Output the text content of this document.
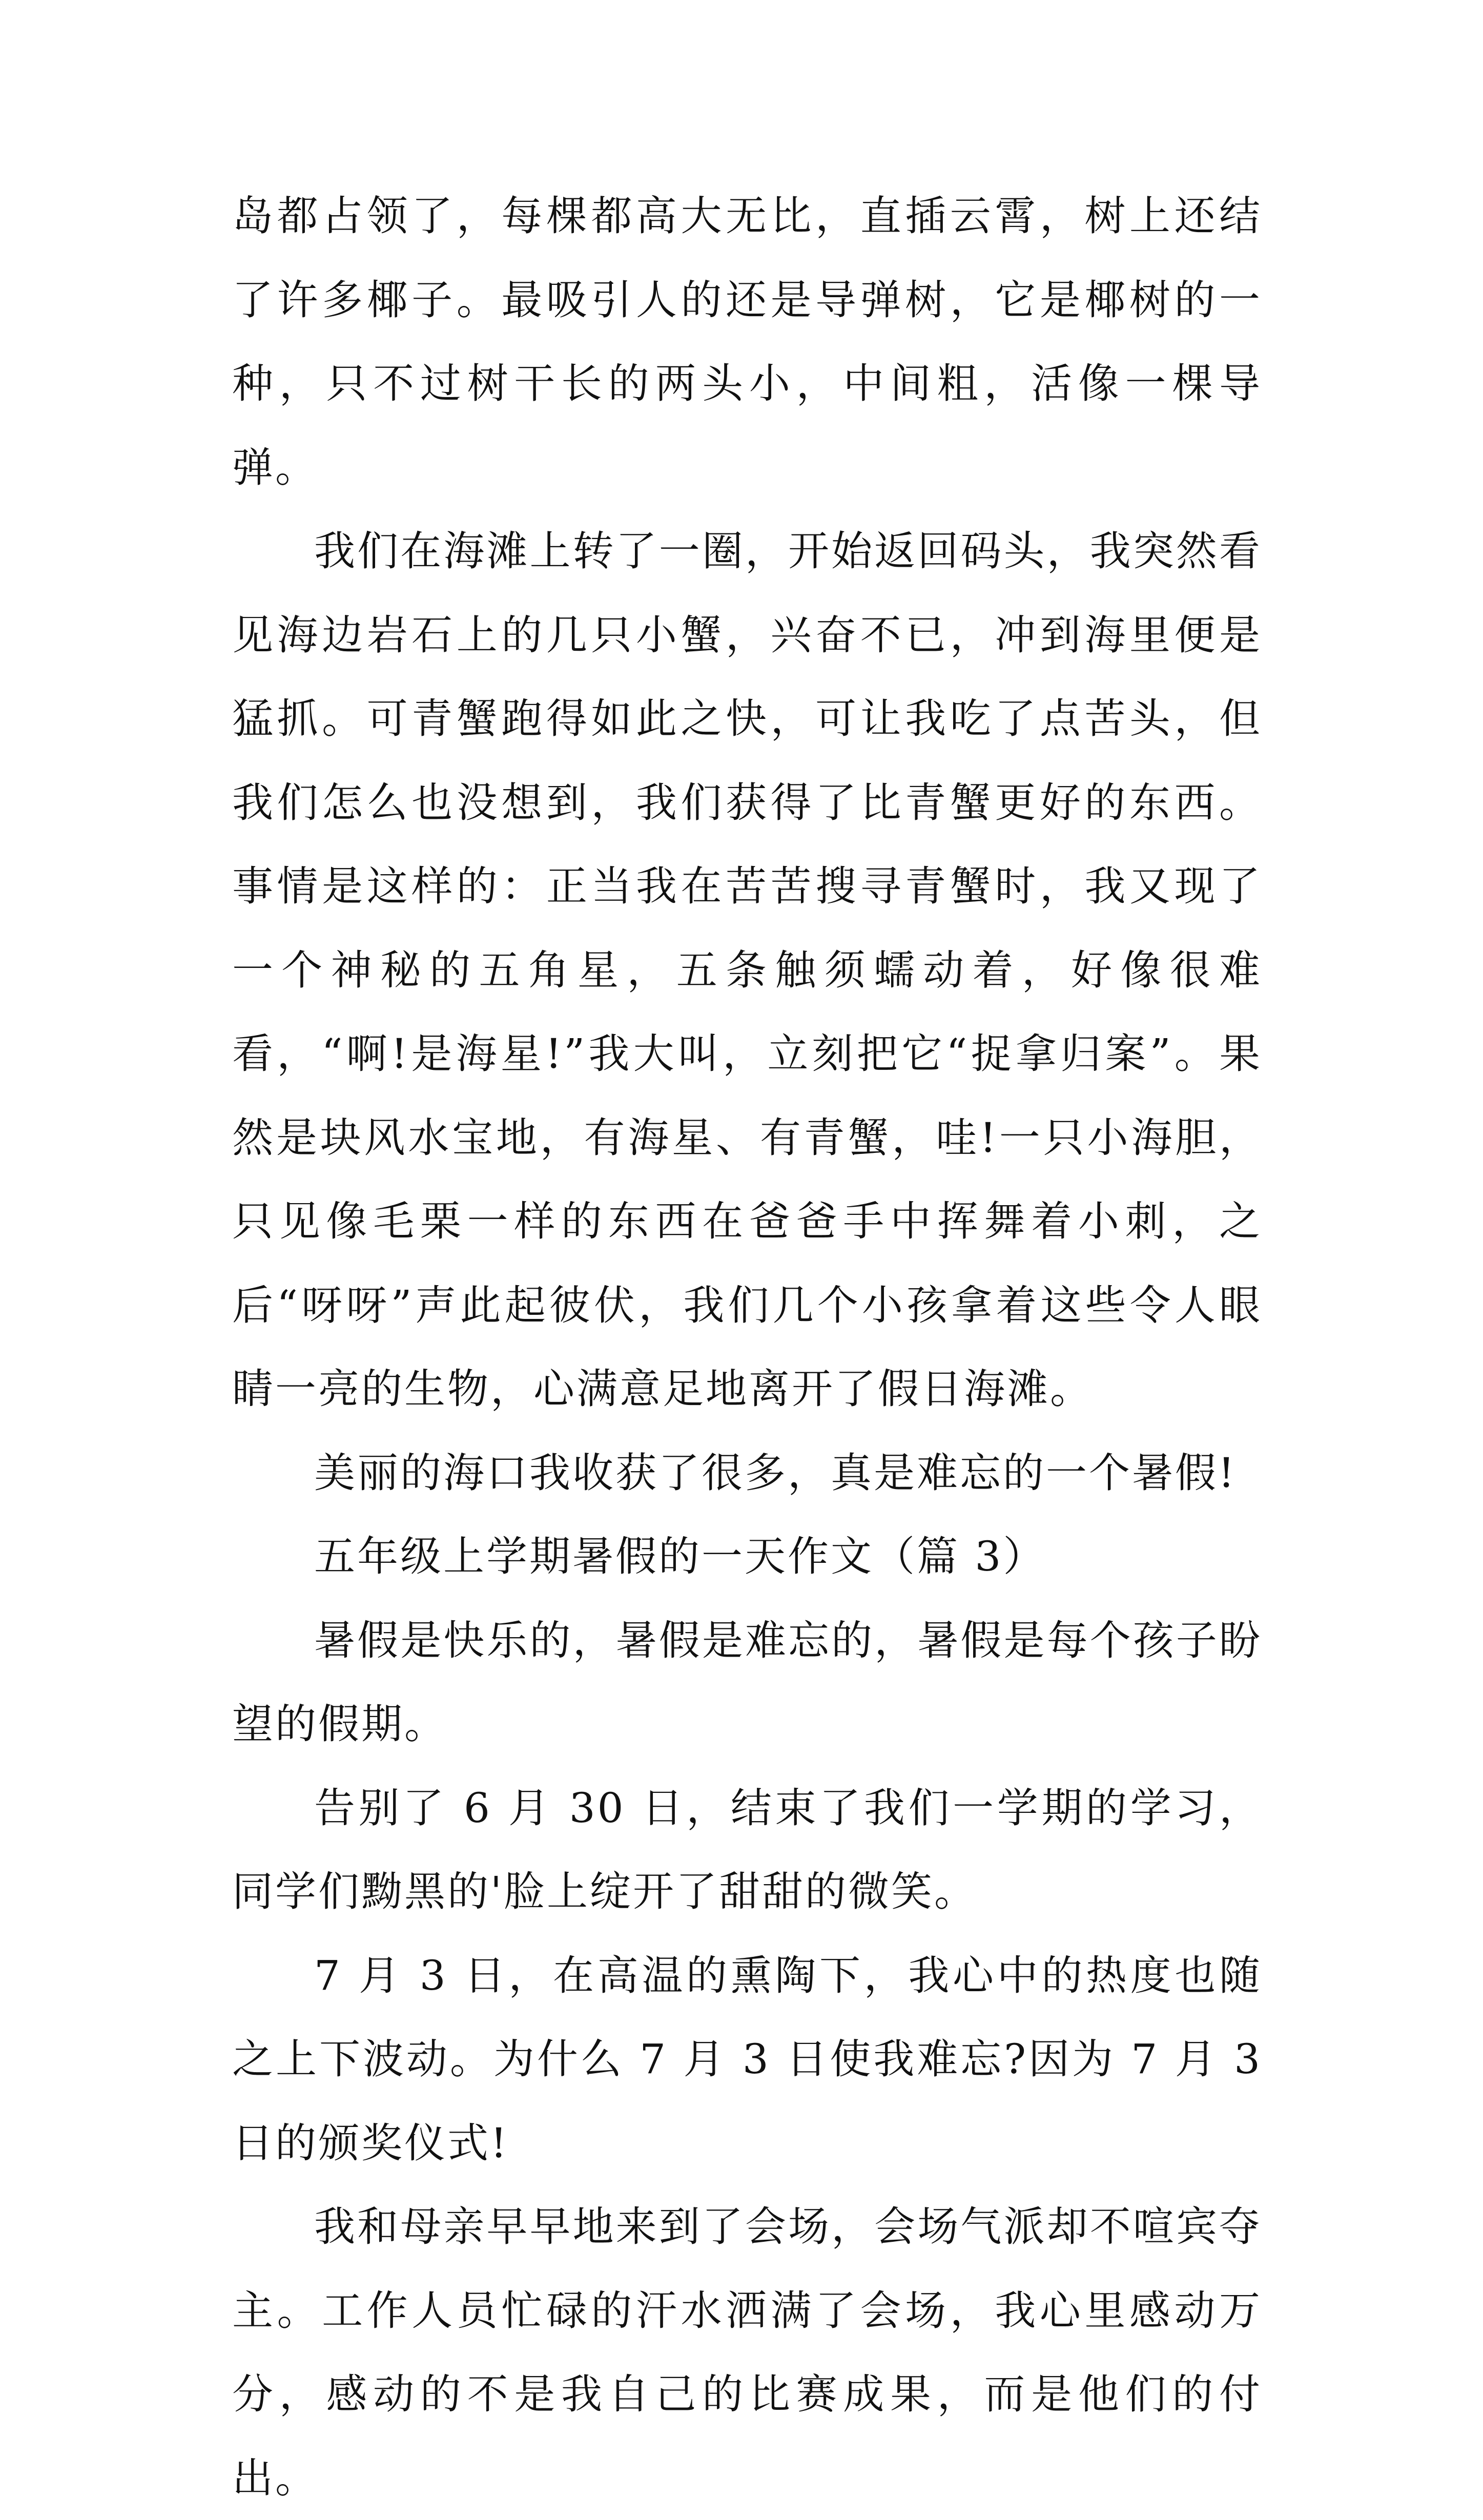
岛都占领了，每棵都高大无比，直插云霄，树上还结了许多椰子。最吸引人的还是导弹树，它是椰树的一种，只不过树干长的两头小，中间粗，活像一棵导弹。

我们在海滩上转了一圈，开始返回码头，我突然看见海边岩石上的几只小蟹，兴奋不已，冲到海里便是猛抓。可青蟹跑得如此之快，可让我吃了点苦头，但我们怎么也没想到，我们获得了比青蟹更好的东西。事情是这样的：正当我在苦苦搜寻青蟹时，我又现了一个神秘的五角星，五条触须蠕动着，好像很难看，“啊!是海星!”我大叫，立刻把它“捉拿归案”。果然是块风水宝地，有海星、有青蟹，哇!一只小海胆，只见像毛栗一样的东西在爸爸手中挥舞着小刺，之后“呀呀”声此起彼伏，我们几个小孩拿着这些令人眼睛一亮的生物，心满意足地离开了假日海滩。

美丽的海口我收获了很多，真是难忘的一个暑假!

五年级上学期暑假的一天作文（篇 3）

暑假是快乐的，暑假是难忘的，暑假是每个孩子盼望的假期。

告别了 6 月 30 日，结束了我们一学期的学习，同学们黝黑的'脸上绽开了甜甜的微笑。

7 月 3 日，在高温的熏陶下，我心中的热度也随之上下波动。为什么 7 月 3 日使我难忘?因为 7 月 3 日的颁奖仪式!

我和母亲早早地来到了会场，会场气派却不喧宾夺主。工作人员忙碌的汗水洒满了会场，我心里感动万分，感动的不是我自己的比赛成果，而是他们的付出。
